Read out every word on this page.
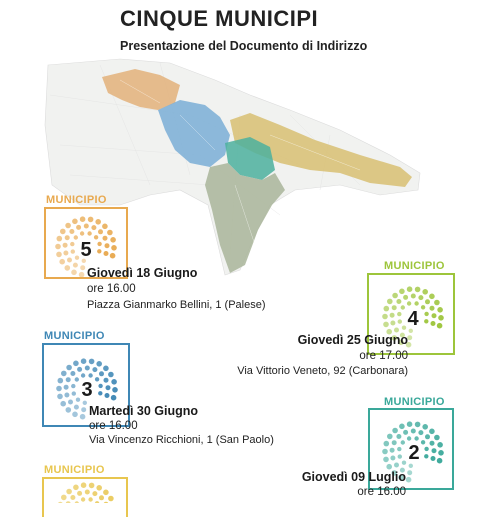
CINQUE MUNICIPI
Presentazione del Documento di Indirizzo
MUNICIPIO
5
Giovedì 18 Giugno
ore 16.00
Piazza Gianmarko Bellini, 1 (Palese)
MUNICIPIO
4
Giovedì 25 Giugno
ore 17.00
Via Vittorio Veneto, 92 (Carbonara)
MUNICIPIO
3
Martedì 30 Giugno
ore 16.00
Via Vincenzo Ricchioni, 1 (San Paolo)
MUNICIPIO
2
Giovedì 09 Luglio
ore 16.00
MUNICIPIO
